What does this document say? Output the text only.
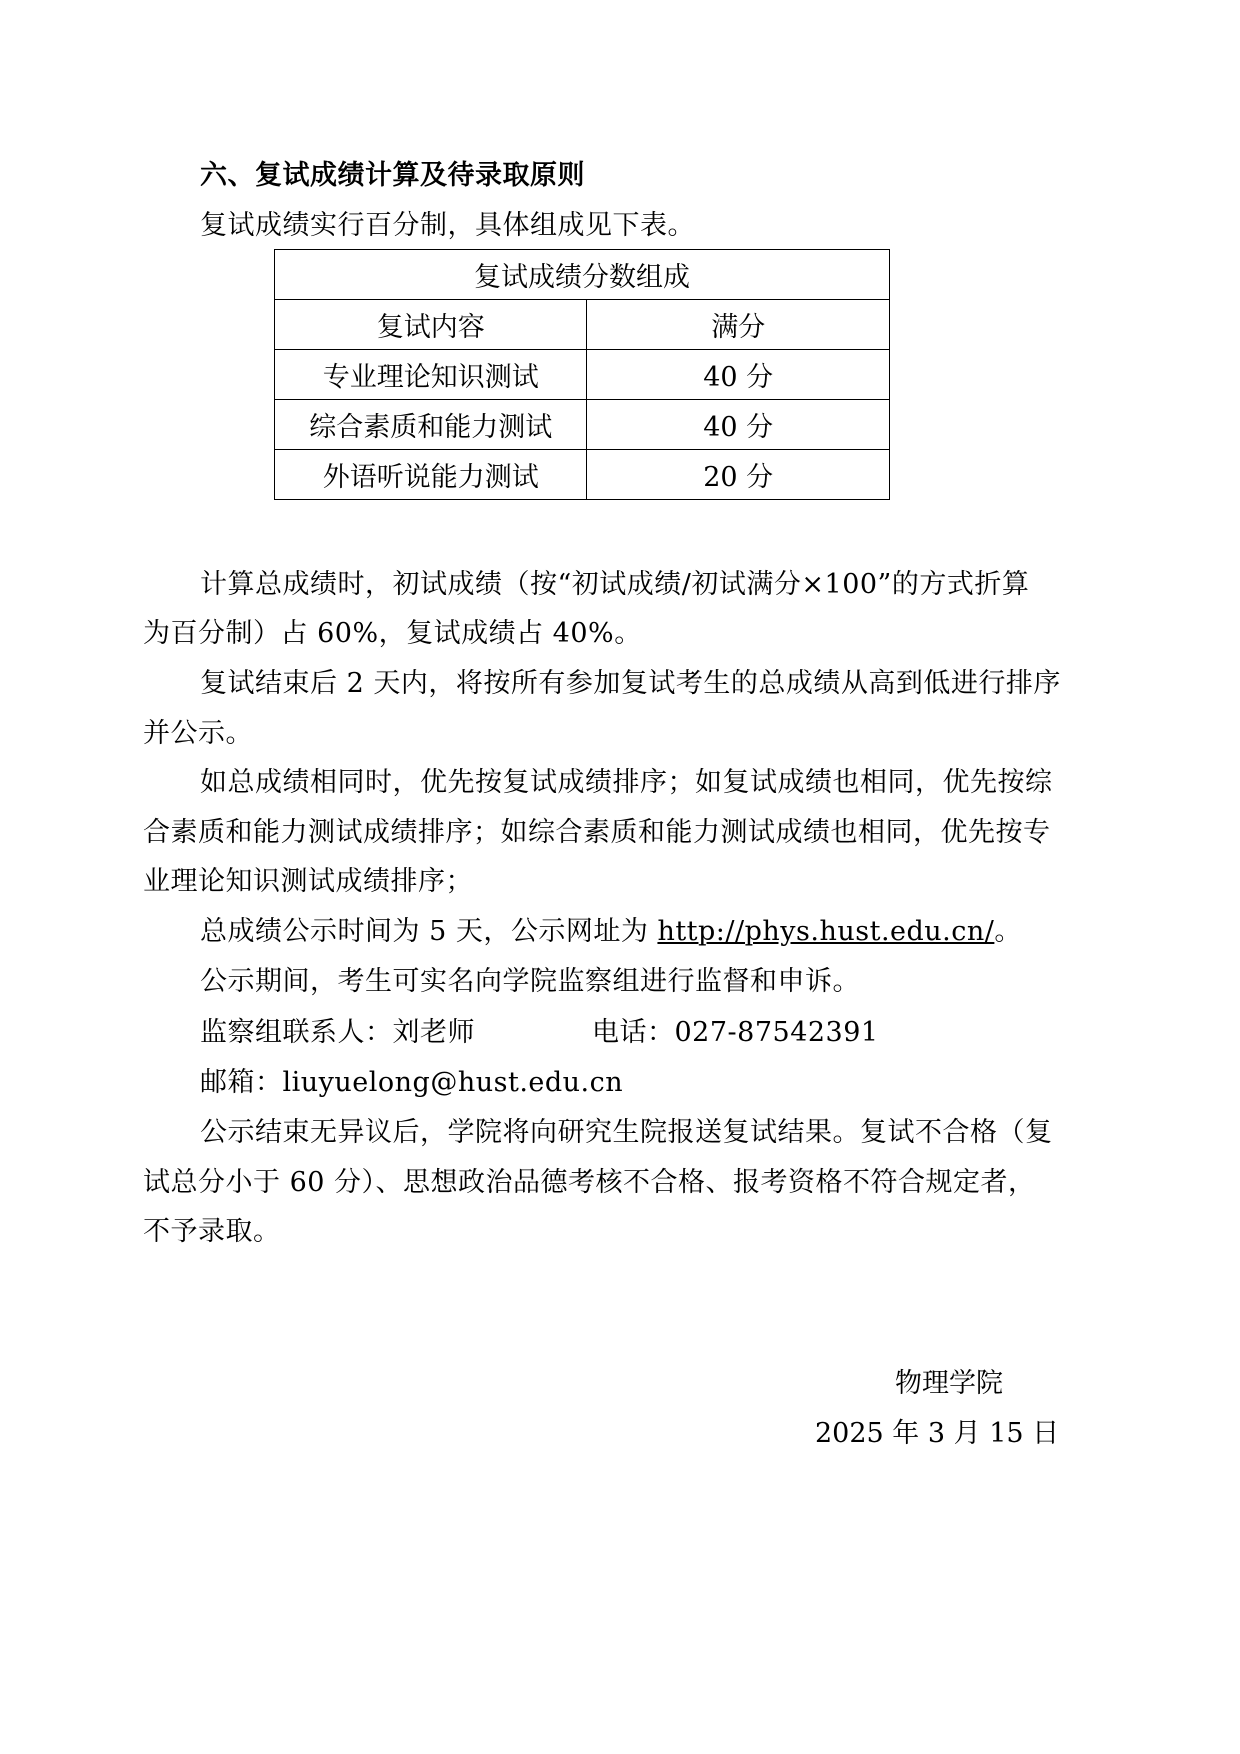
六、复试成绩计算及待录取原则
复试成绩实行百分制，具体组成见下表。
复试成绩分数组成	
复试内容	满分
专业理论知识测试	40 分
综合素质和能力测试	40 分
外语听说能力测试	20 分
计算总成绩时，初试成绩（按“初试成绩/初试满分×100”的方式折算
为百分制）占 60%，复试成绩占 40%。
复试结束后 2 天内，将按所有参加复试考生的总成绩从高到低进行排序
并公示。
如总成绩相同时，优先按复试成绩排序；如复试成绩也相同，优先按综
合素质和能力测试成绩排序；如综合素质和能力测试成绩也相同，优先按专
业理论知识测试成绩排序；
总成绩公示时间为 5 天，公示网址为 http://phys.hust.edu.cn/。
公示期间，考生可实名向学院监察组进行监督和申诉。
监察组联系人：刘老师	电话：027-87542391
邮箱：liuyuelong@hust.edu.cn
公示结束无异议后，学院将向研究生院报送复试结果。复试不合格（复
试总分小于 60 分）、思想政治品德考核不合格、报考资格不符合规定者，
不予录取。
物理学院
2025 年 3 月 15 日
